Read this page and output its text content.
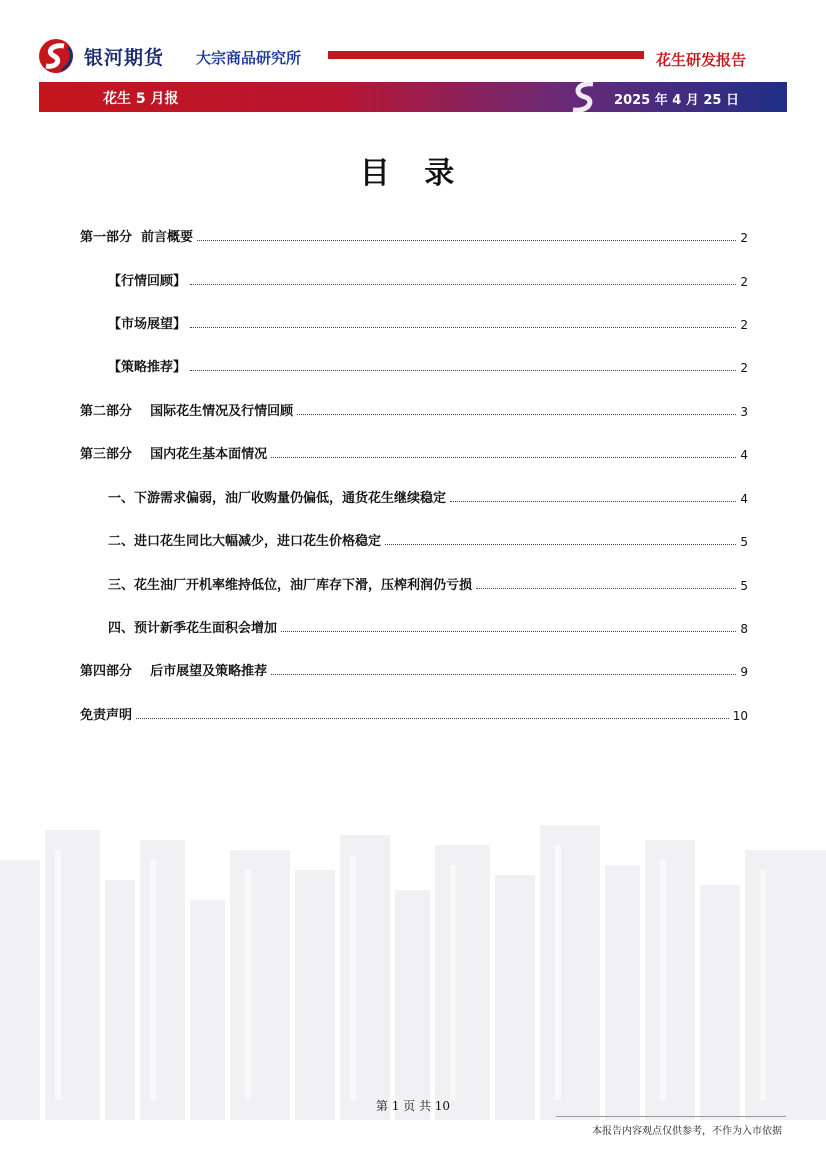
银河期货 大宗商品研究所	花生研发报告
花生 5 月报	2025 年 4 月 25 日
目 录
第一部分  前言概要	2
【行情回顾】	2
【市场展望】	2
【策略推荐】	2
第二部分    国际花生情况及行情回顾	3
第三部分    国内花生基本面情况	4
一、下游需求偏弱，油厂收购量仍偏低，通货花生继续稳定	4
二、进口花生同比大幅减少，进口花生价格稳定	5
三、花生油厂开机率维持低位，油厂库存下滑，压榨利润仍亏损	5
四、预计新季花生面积会增加	8
第四部分    后市展望及策略推荐	9
免责声明	10
第 1 页 共 10
本报告内容观点仅供参考，不作为入市依据
